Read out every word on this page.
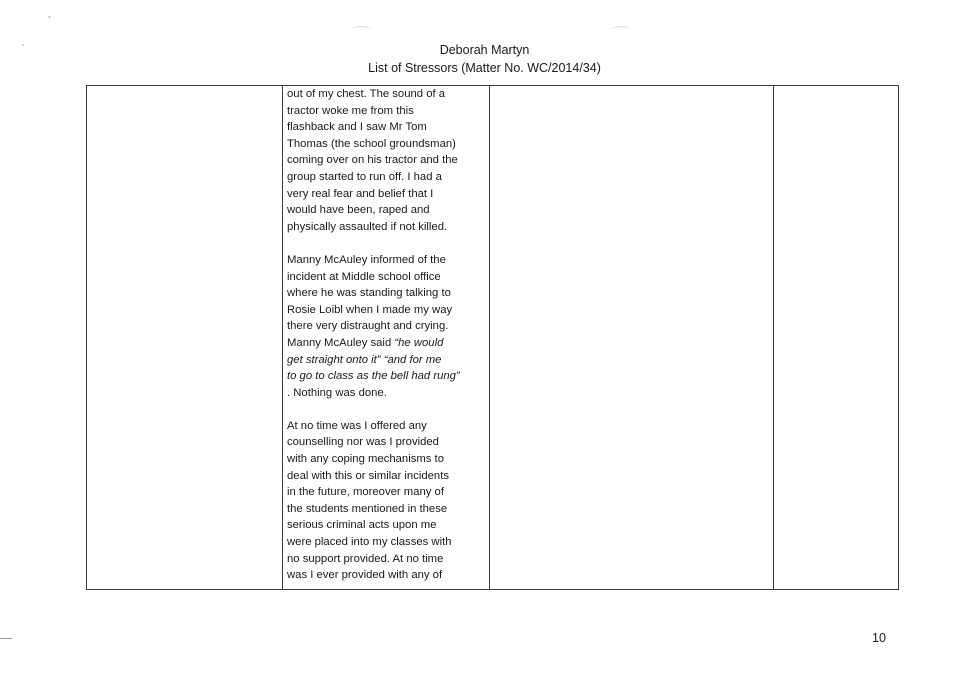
Deborah Martyn
List of Stressors (Matter No. WC/2014/34)

out of my chest. The sound of a
tractor woke me from this
flashback and I saw Mr Tom
Thomas (the school groundsman)
coming over on his tractor and the
group started to run off. I had a
very real fear and belief that I
would have been, raped and
physically assaulted if not killed.
Manny McAuley informed of the
incident at Middle school office
where he was standing talking to
Rosie Loibl when I made my way
there very distraught and crying.
Manny McAuley said “he would
get straight onto it” “and for me
to go to class as the bell had rung”
. Nothing was done.
At no time was I offered any
counselling nor was I provided
with any coping mechanisms to
deal with this or similar incidents
in the future, moreover many of
the students mentioned in these
serious criminal acts upon me
were placed into my classes with
no support provided. At no time
was I ever provided with any of

10
